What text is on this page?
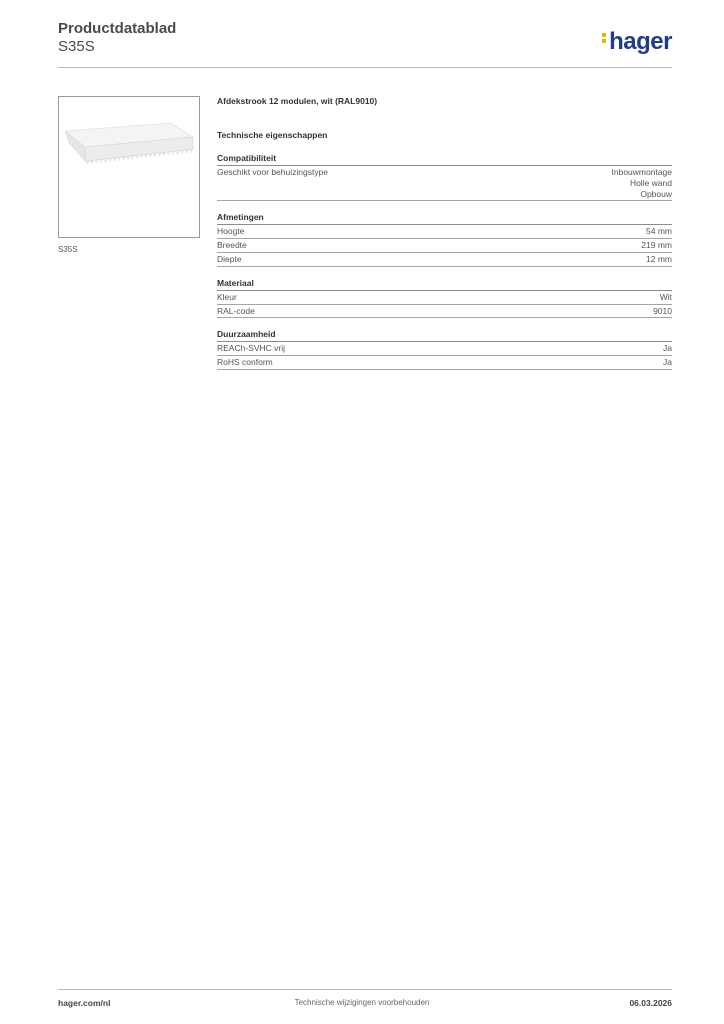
Productdatablad
S35S	hager
S35S
Afdekstrook 12 modulen, wit (RAL9010)
Technische eigenschappen
Compatibiliteit
Geschikt voor behuizingstype	Inbouwmontage
Holle wand
Opbouw
Afmetingen
Hoogte	54 mm
Breedte	219 mm
Diepte	12 mm
Materiaal
Kleur	Wit
RAL-code	9010
Duurzaamheid
REACh-SVHC vrij	Ja
RoHS conform	Ja
hager.com/nl	Technische wijzigingen voorbehouden	06.03.2026
